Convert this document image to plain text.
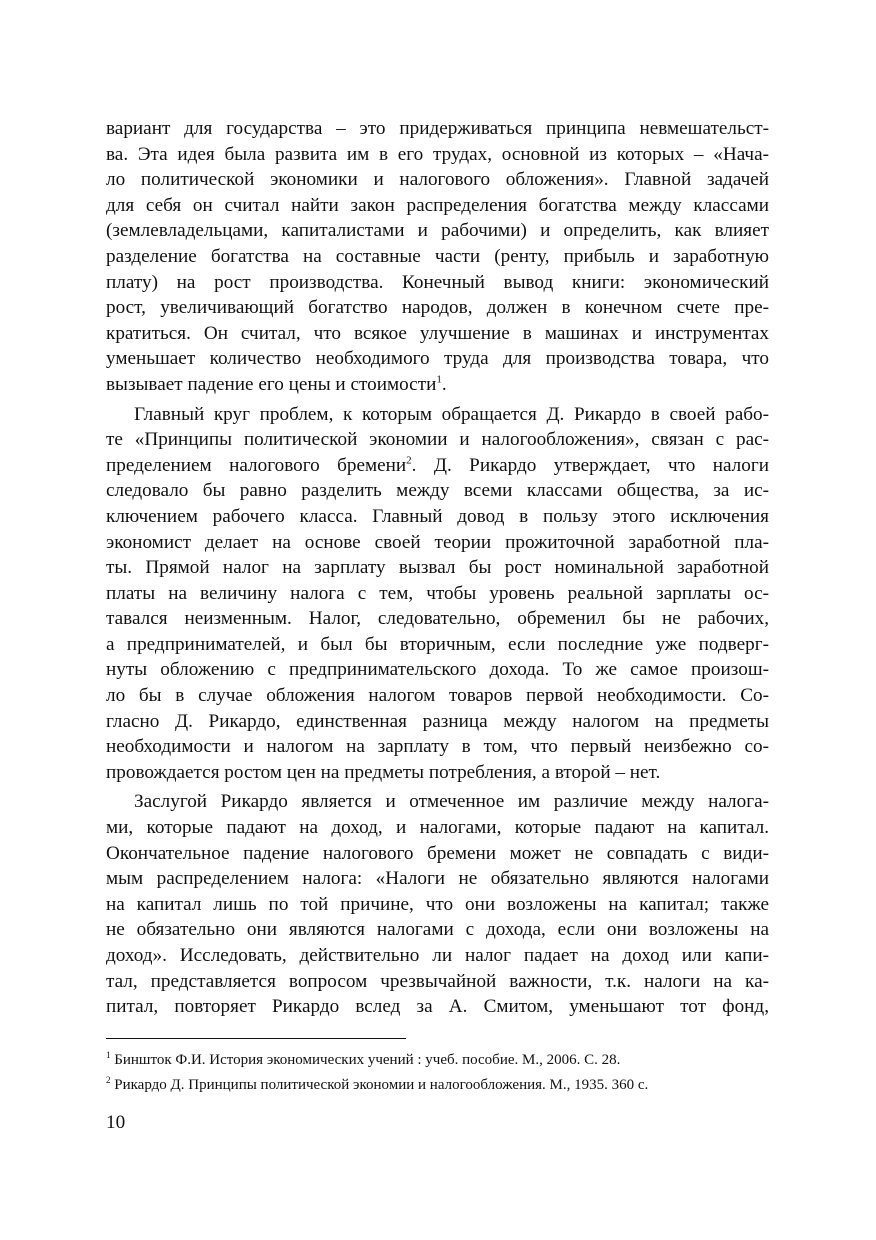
вариант для государства – это придерживаться принципа невмешательст-
ва. Эта идея была развита им в его трудах, основной из которых – «Нача-
ло политической экономики и налогового обложения». Главной задачей
для себя он считал найти закон распределения богатства между классами
(землевладельцами, капиталистами и рабочими) и определить, как влияет
разделение богатства на составные части (ренту, прибыль и заработную
плату) на рост производства. Конечный вывод книги: экономический
рост, увеличивающий богатство народов, должен в конечном счете пре-
кратиться. Он считал, что всякое улучшение в машинах и инструментах
уменьшает количество необходимого труда для производства товара, что
вызывает падение его цены и стоимости$^1$.
Главный круг проблем, к которым обращается Д. Рикардо в своей рабо-
те «Принципы политической экономии и налогообложения», связан с рас-
пределением налогового бремени$^2$. Д. Рикардо утверждает, что налоги
следовало бы равно разделить между всеми классами общества, за ис-
ключением рабочего класса. Главный довод в пользу этого исключения
экономист делает на основе своей теории прожиточной заработной пла-
ты. Прямой налог на зарплату вызвал бы рост номинальной заработной
платы на величину налога с тем, чтобы уровень реальной зарплаты ос-
тавался неизменным. Налог, следовательно, обременил бы не рабочих,
а предпринимателей, и был бы вторичным, если последние уже подверг-
нуты обложению с предпринимательского дохода. То же самое произош-
ло бы в случае обложения налогом товаров первой необходимости. Со-
гласно Д. Рикардо, единственная разница между налогом на предметы
необходимости и налогом на зарплату в том, что первый неизбежно со-
провождается ростом цен на предметы потребления, а второй – нет.
Заслугой Рикардо является и отмеченное им различие между налога-
ми, которые падают на доход, и налогами, которые падают на капитал.
Окончательное падение налогового бремени может не совпадать с види-
мым распределением налога: «Налоги не обязательно являются налогами
на капитал лишь по той причине, что они возложены на капитал; также
не обязательно они являются налогами с дохода, если они возложены на
доход». Исследовать, действительно ли налог падает на доход или капи-
тал, представляется вопросом чрезвычайной важности, т.к. налоги на ка-
питал, повторяет Рикардо вслед за А. Смитом, уменьшают тот фонд,
$^1$ Биншток Ф.И. История экономических учений : учеб. пособие. М., 2006. С. 28.
$^2$ Рикардо Д. Принципы политической экономии и налогообложения. М., 1935. 360 с.
10
